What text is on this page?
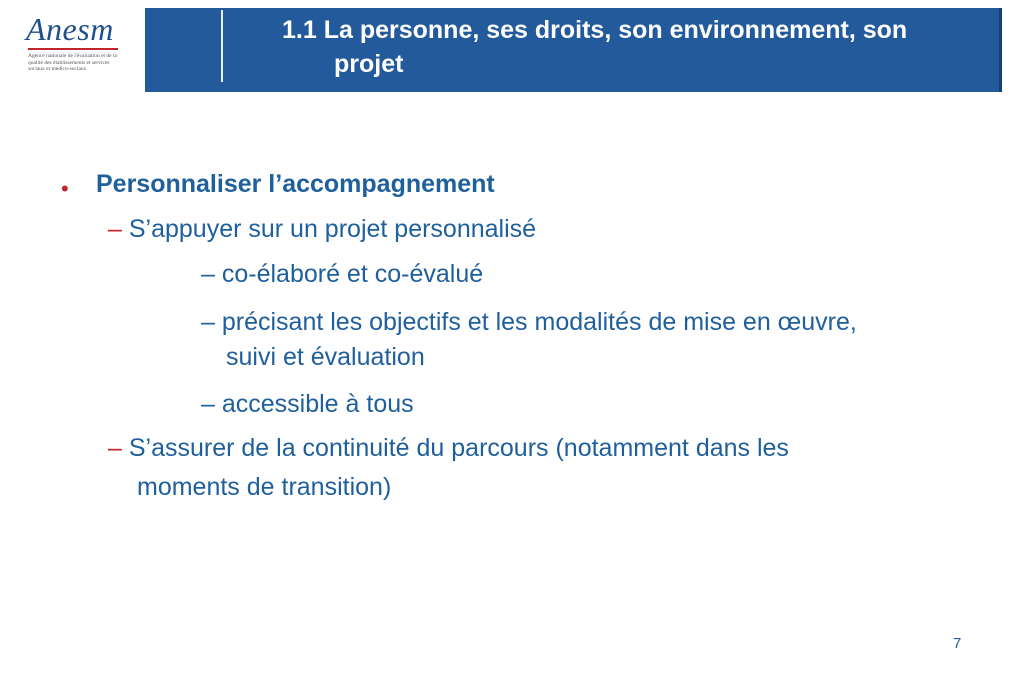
Anesm
Agence nationale de l'évaluation et de la qualité des établissements et services sociaux et médico-sociaux
1.1 La personne, ses droits, son environnement, son
projet
• Personnaliser l’accompagnement
– S’appuyer sur un projet personnalisé
– co-élaboré et co-évalué
– précisant les objectifs et les modalités de mise en œuvre,
suivi et évaluation
– accessible à tous
– S’assurer de la continuité du parcours (notamment dans les
moments de transition)
7
